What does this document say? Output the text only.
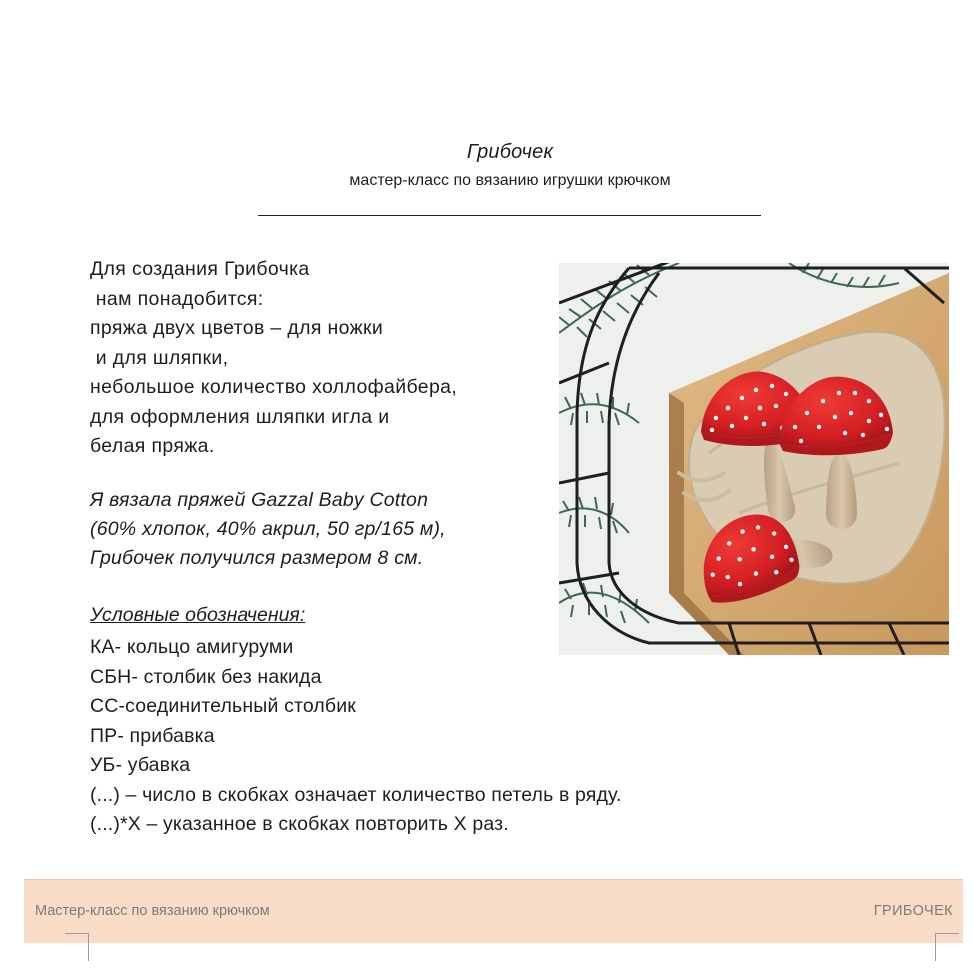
Грибочек
мастер-класс по вязанию игрушки крючком
Для создания Грибочка
нам понадобится:
пряжа двух цветов – для ножки
и для шляпки,
небольшое количество холлофайбера,
для оформления шляпки игла и
белая пряжа.
Я вязала пряжей Gazzal Baby Cotton
(60% хлопок, 40% акрил, 50 гр/165 м),
Грибочек получился размером 8 см.
Условные обозначения:
КА- кольцо амигуруми
СБН- столбик без накида
СС-соединительный столбик
ПР- прибавка
УБ- убавка
(...) – число в скобках означает количество петель в ряду.
(...)*Х – указанное в скобках повторить Х раз.
Мастер-класс по вязанию крючком	ГРИБОЧЕК
